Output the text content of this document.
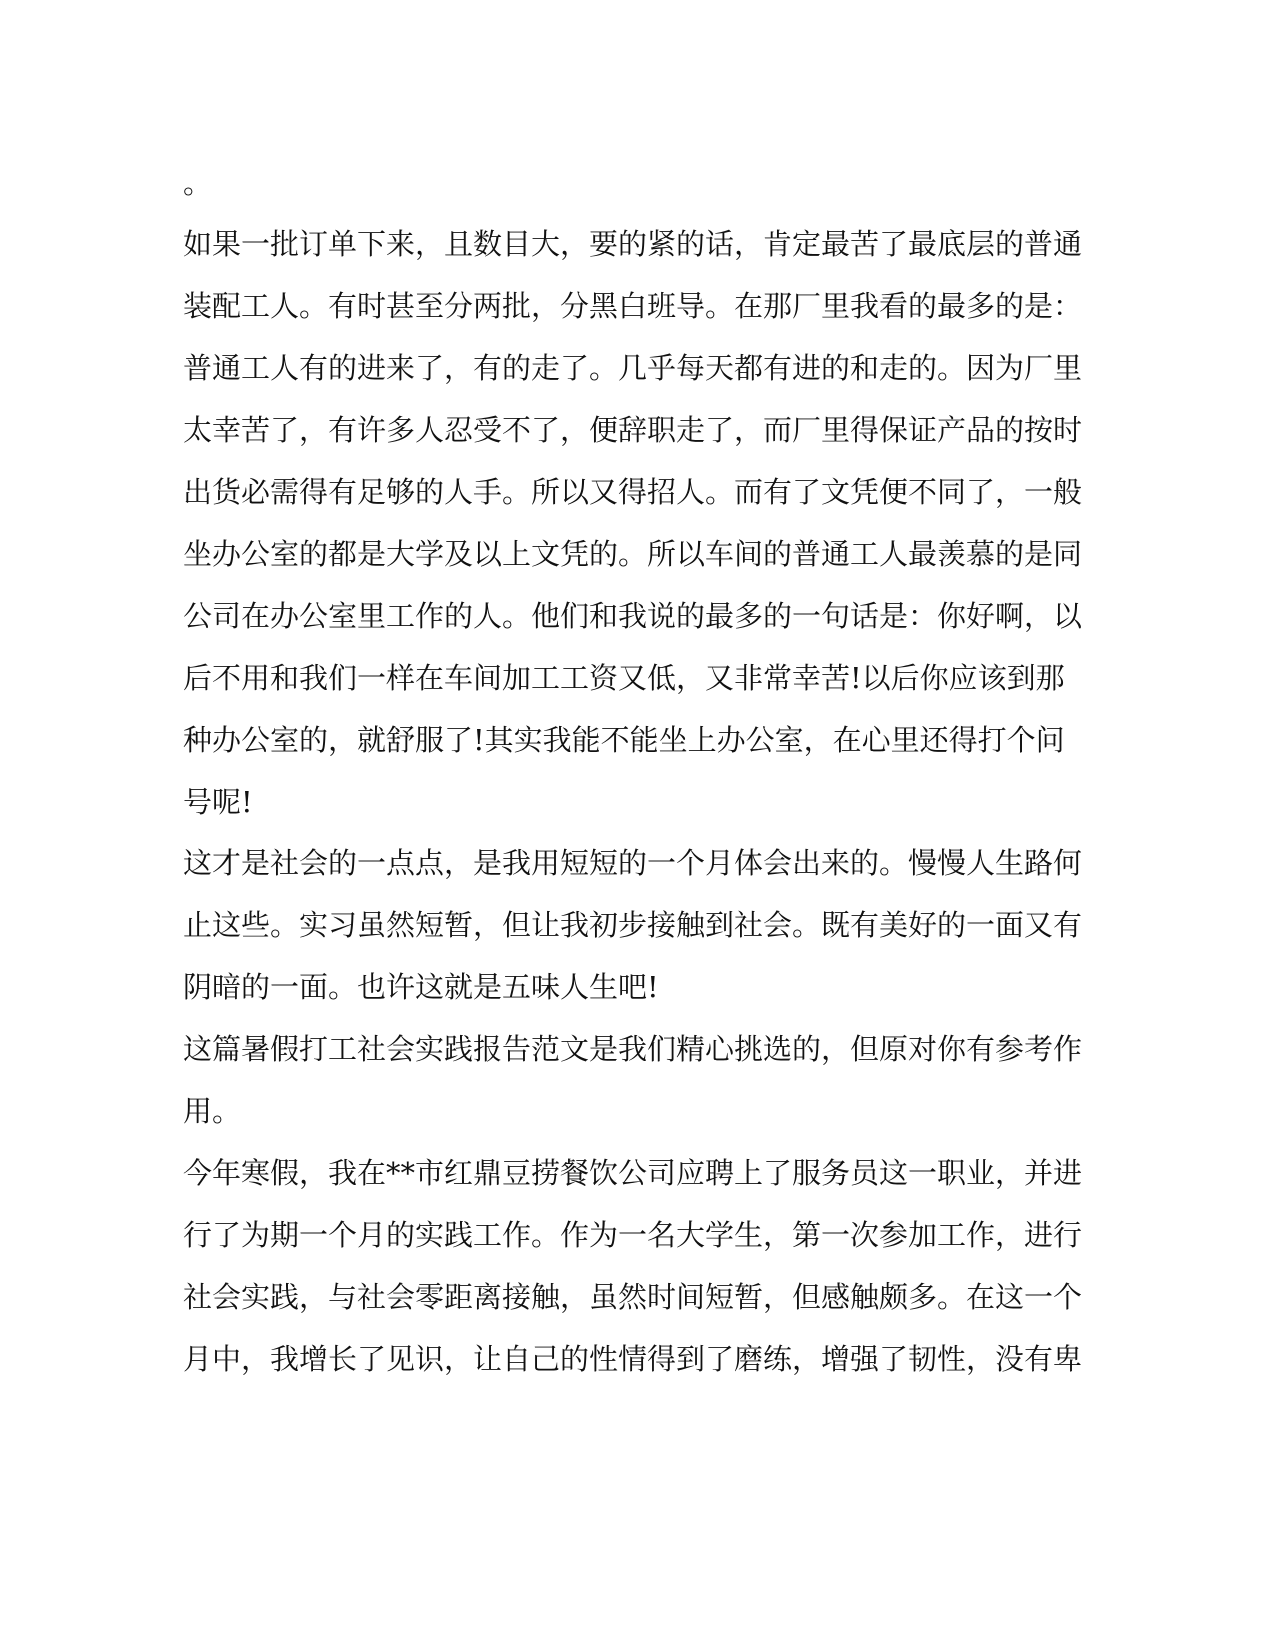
。
如果一批订单下来，且数目大，要的紧的话，肯定最苦了最底层的普通
装配工人。有时甚至分两批，分黑白班导。在那厂里我看的最多的是：
普通工人有的进来了，有的走了。几乎每天都有进的和走的。因为厂里
太幸苦了，有许多人忍受不了，便辞职走了，而厂里得保证产品的按时
出货必需得有足够的人手。所以又得招人。而有了文凭便不同了，一般
坐办公室的都是大学及以上文凭的。所以车间的普通工人最羡慕的是同
公司在办公室里工作的人。他们和我说的最多的一句话是：你好啊，以
后不用和我们一样在车间加工工资又低，又非常幸苦!以后你应该到那
种办公室的，就舒服了!其实我能不能坐上办公室，在心里还得打个问
号呢!
这才是社会的一点点，是我用短短的一个月体会出来的。慢慢人生路何
止这些。实习虽然短暂，但让我初步接触到社会。既有美好的一面又有
阴暗的一面。也许这就是五味人生吧!
这篇暑假打工社会实践报告范文是我们精心挑选的，但原对你有参考作
用。
今年寒假，我在**市红鼎豆捞餐饮公司应聘上了服务员这一职业，并进
行了为期一个月的实践工作。作为一名大学生，第一次参加工作，进行
社会实践，与社会零距离接触，虽然时间短暂，但感触颇多。在这一个
月中，我增长了见识，让自己的性情得到了磨练，增强了韧性，没有卑
